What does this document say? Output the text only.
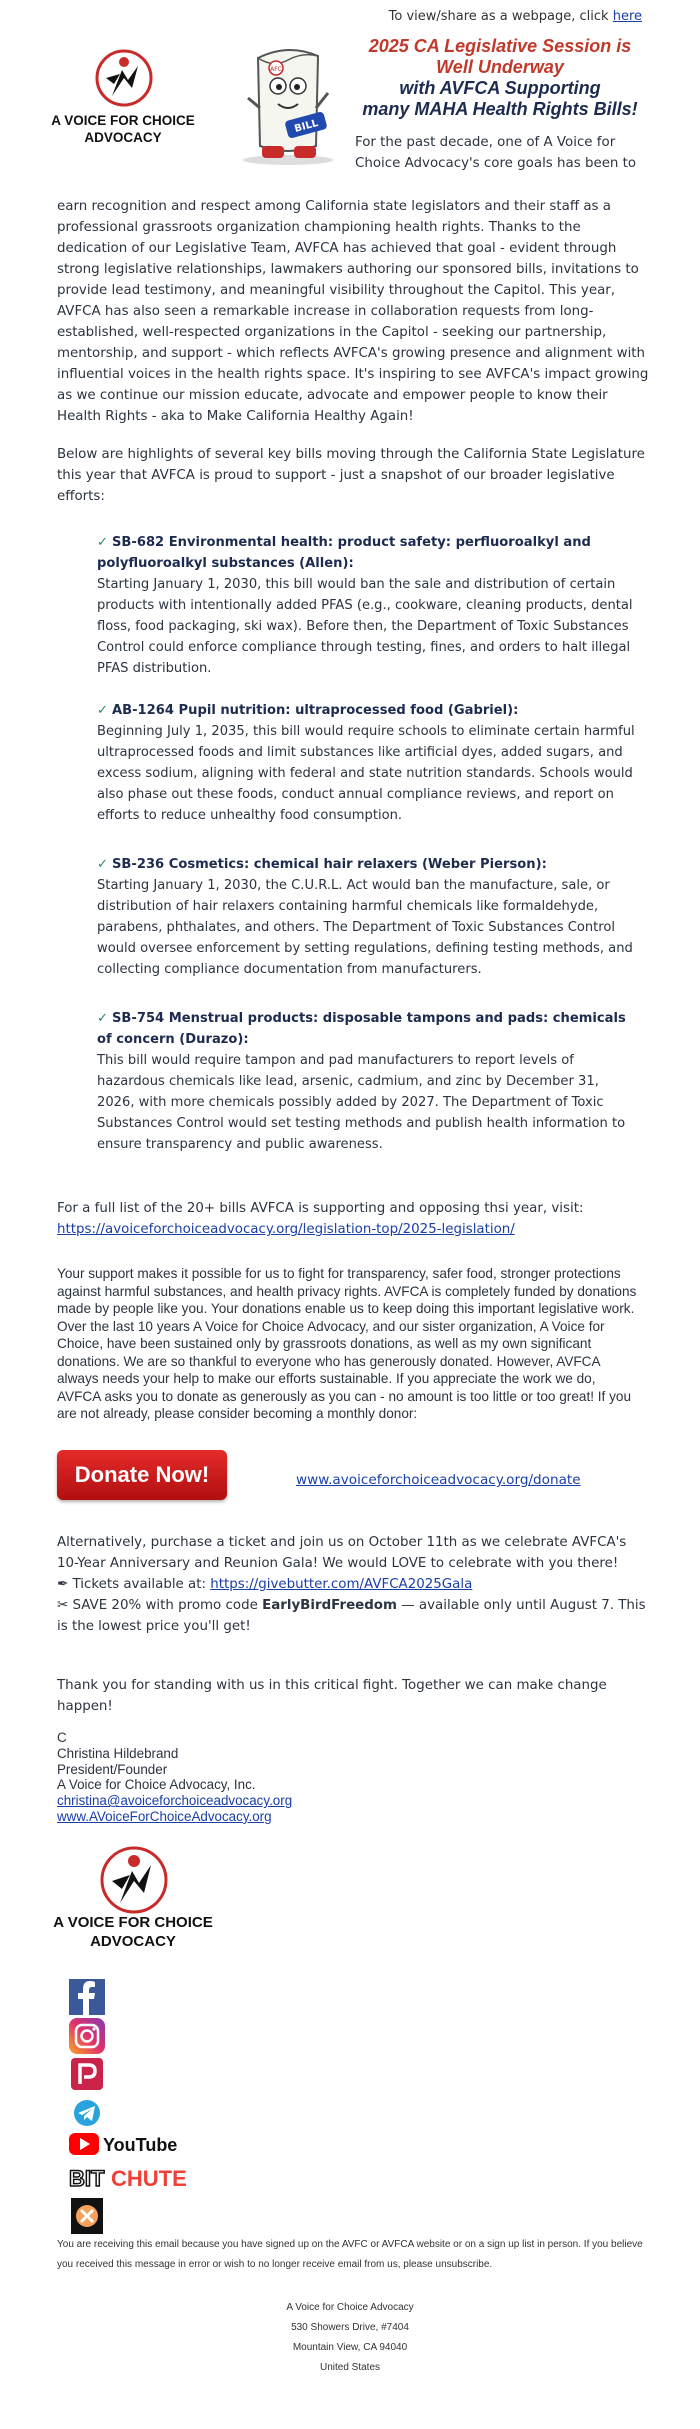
To view/share as a webpage, click here
A VOICE FOR CHOICE
ADVOCACY
AFC
BILL
2025 CA Legislative Session is
Well Underway
with AVFCA Supporting
many MAHA Health Rights Bills!
For the past decade, one of A Voice for Choice Advocacy's core goals has been to
earn recognition and respect among California state legislators and their staff as a professional grassroots organization championing health rights. Thanks to the dedication of our Legislative Team, AVFCA has achieved that goal - evident through strong legislative relationships, lawmakers authoring our sponsored bills, invitations to provide lead testimony, and meaningful visibility throughout the Capitol. This year, AVFCA has also seen a remarkable increase in collaboration requests from long-established, well-respected organizations in the Capitol - seeking our partnership, mentorship, and support - which reflects AVFCA's growing presence and alignment with influential voices in the health rights space. It's inspiring to see AVFCA's impact growing as we continue our mission educate, advocate and empower people to know their Health Rights - aka to Make California Healthy Again!
Below are highlights of several key bills moving through the California State Legislature this year that AVFCA is proud to support - just a snapshot of our broader legislative efforts:
✓ SB-682 Environmental health: product safety: perfluoroalkyl and polyfluoroalkyl substances (Allen):
Starting January 1, 2030, this bill would ban the sale and distribution of certain products with intentionally added PFAS (e.g., cookware, cleaning products, dental floss, food packaging, ski wax). Before then, the Department of Toxic Substances Control could enforce compliance through testing, fines, and orders to halt illegal PFAS distribution.
✓ AB-1264 Pupil nutrition: ultraprocessed food (Gabriel):
Beginning July 1, 2035, this bill would require schools to eliminate certain harmful ultraprocessed foods and limit substances like artificial dyes, added sugars, and excess sodium, aligning with federal and state nutrition standards. Schools would also phase out these foods, conduct annual compliance reviews, and report on efforts to reduce unhealthy food consumption.
✓ SB-236 Cosmetics: chemical hair relaxers (Weber Pierson):
Starting January 1, 2030, the C.U.R.L. Act would ban the manufacture, sale, or distribution of hair relaxers containing harmful chemicals like formaldehyde, parabens, phthalates, and others. The Department of Toxic Substances Control would oversee enforcement by setting regulations, defining testing methods, and collecting compliance documentation from manufacturers.
✓ SB-754 Menstrual products: disposable tampons and pads: chemicals of concern (Durazo):
This bill would require tampon and pad manufacturers to report levels of hazardous chemicals like lead, arsenic, cadmium, and zinc by December 31, 2026, with more chemicals possibly added by 2027. The Department of Toxic Substances Control would set testing methods and publish health information to ensure transparency and public awareness.
For a full list of the 20+ bills AVFCA is supporting and opposing thsi year, visit: https://avoiceforchoiceadvocacy.org/legislation-top/2025-legislation/
Your support makes it possible for us to fight for transparency, safer food, stronger protections against harmful substances, and health privacy rights. AVFCA is completely funded by donations made by people like you. Your donations enable us to keep doing this important legislative work. Over the last 10 years A Voice for Choice Advocacy, and our sister organization, A Voice for Choice, have been sustained only by grassroots donations, as well as my own significant donations. We are so thankful to everyone who has generously donated. However, AVFCA always needs your help to make our efforts sustainable. If you appreciate the work we do, AVFCA asks you to donate as generously as you can - no amount is too little or too great! If you are not already, please consider becoming a monthly donor:
Donate Now!	www.avoiceforchoiceadvocacy.org/donate
Alternatively, purchase a ticket and join us on October 11th as we celebrate AVFCA's 10-Year Anniversary and Reunion Gala! We would LOVE to celebrate with you there!
✒ Tickets available at: https://givebutter.com/AVFCA2025Gala
✂ SAVE 20% with promo code EarlyBirdFreedom — available only until August 7. This is the lowest price you'll get!
Thank you for standing with us in this critical fight. Together we can make change happen!
C
Christina Hildebrand
President/Founder
A Voice for Choice Advocacy, Inc.
christina@avoiceforchoiceadvocacy.org
www.AVoiceForChoiceAdvocacy.org
A VOICE FOR CHOICE
ADVOCACY
YouTube
BIT CHUTE
You are receiving this email because you have signed up on the AVFC or AVFCA website or on a sign up list in person. If you believe you received this message in error or wish to no longer receive email from us, please unsubscribe.
A Voice for Choice Advocacy
530 Showers Drive, #7404
Mountain View, CA 94040
United States
